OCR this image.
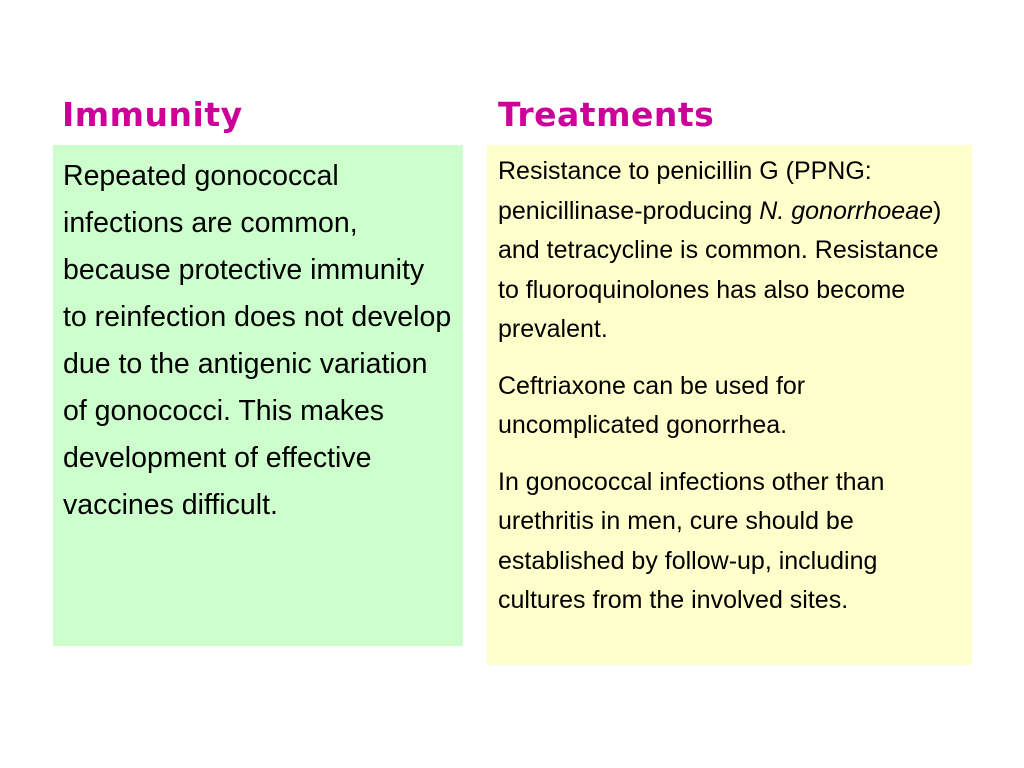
Immunity	Treatments

Repeated gonococcal infections are common, because protective immunity to reinfection does not develop due to the antigenic variation of gonococci. This makes development of effective vaccines difficult.

Resistance to penicillin G (PPNG: penicillinase-producing N. gonorrhoeae) and tetracycline is common. Resistance to fluoroquinolones has also become prevalent.

Ceftriaxone can be used for uncomplicated gonorrhea.

In gonococcal infections other than urethritis in men, cure should be established by follow-up, including cultures from the involved sites.
